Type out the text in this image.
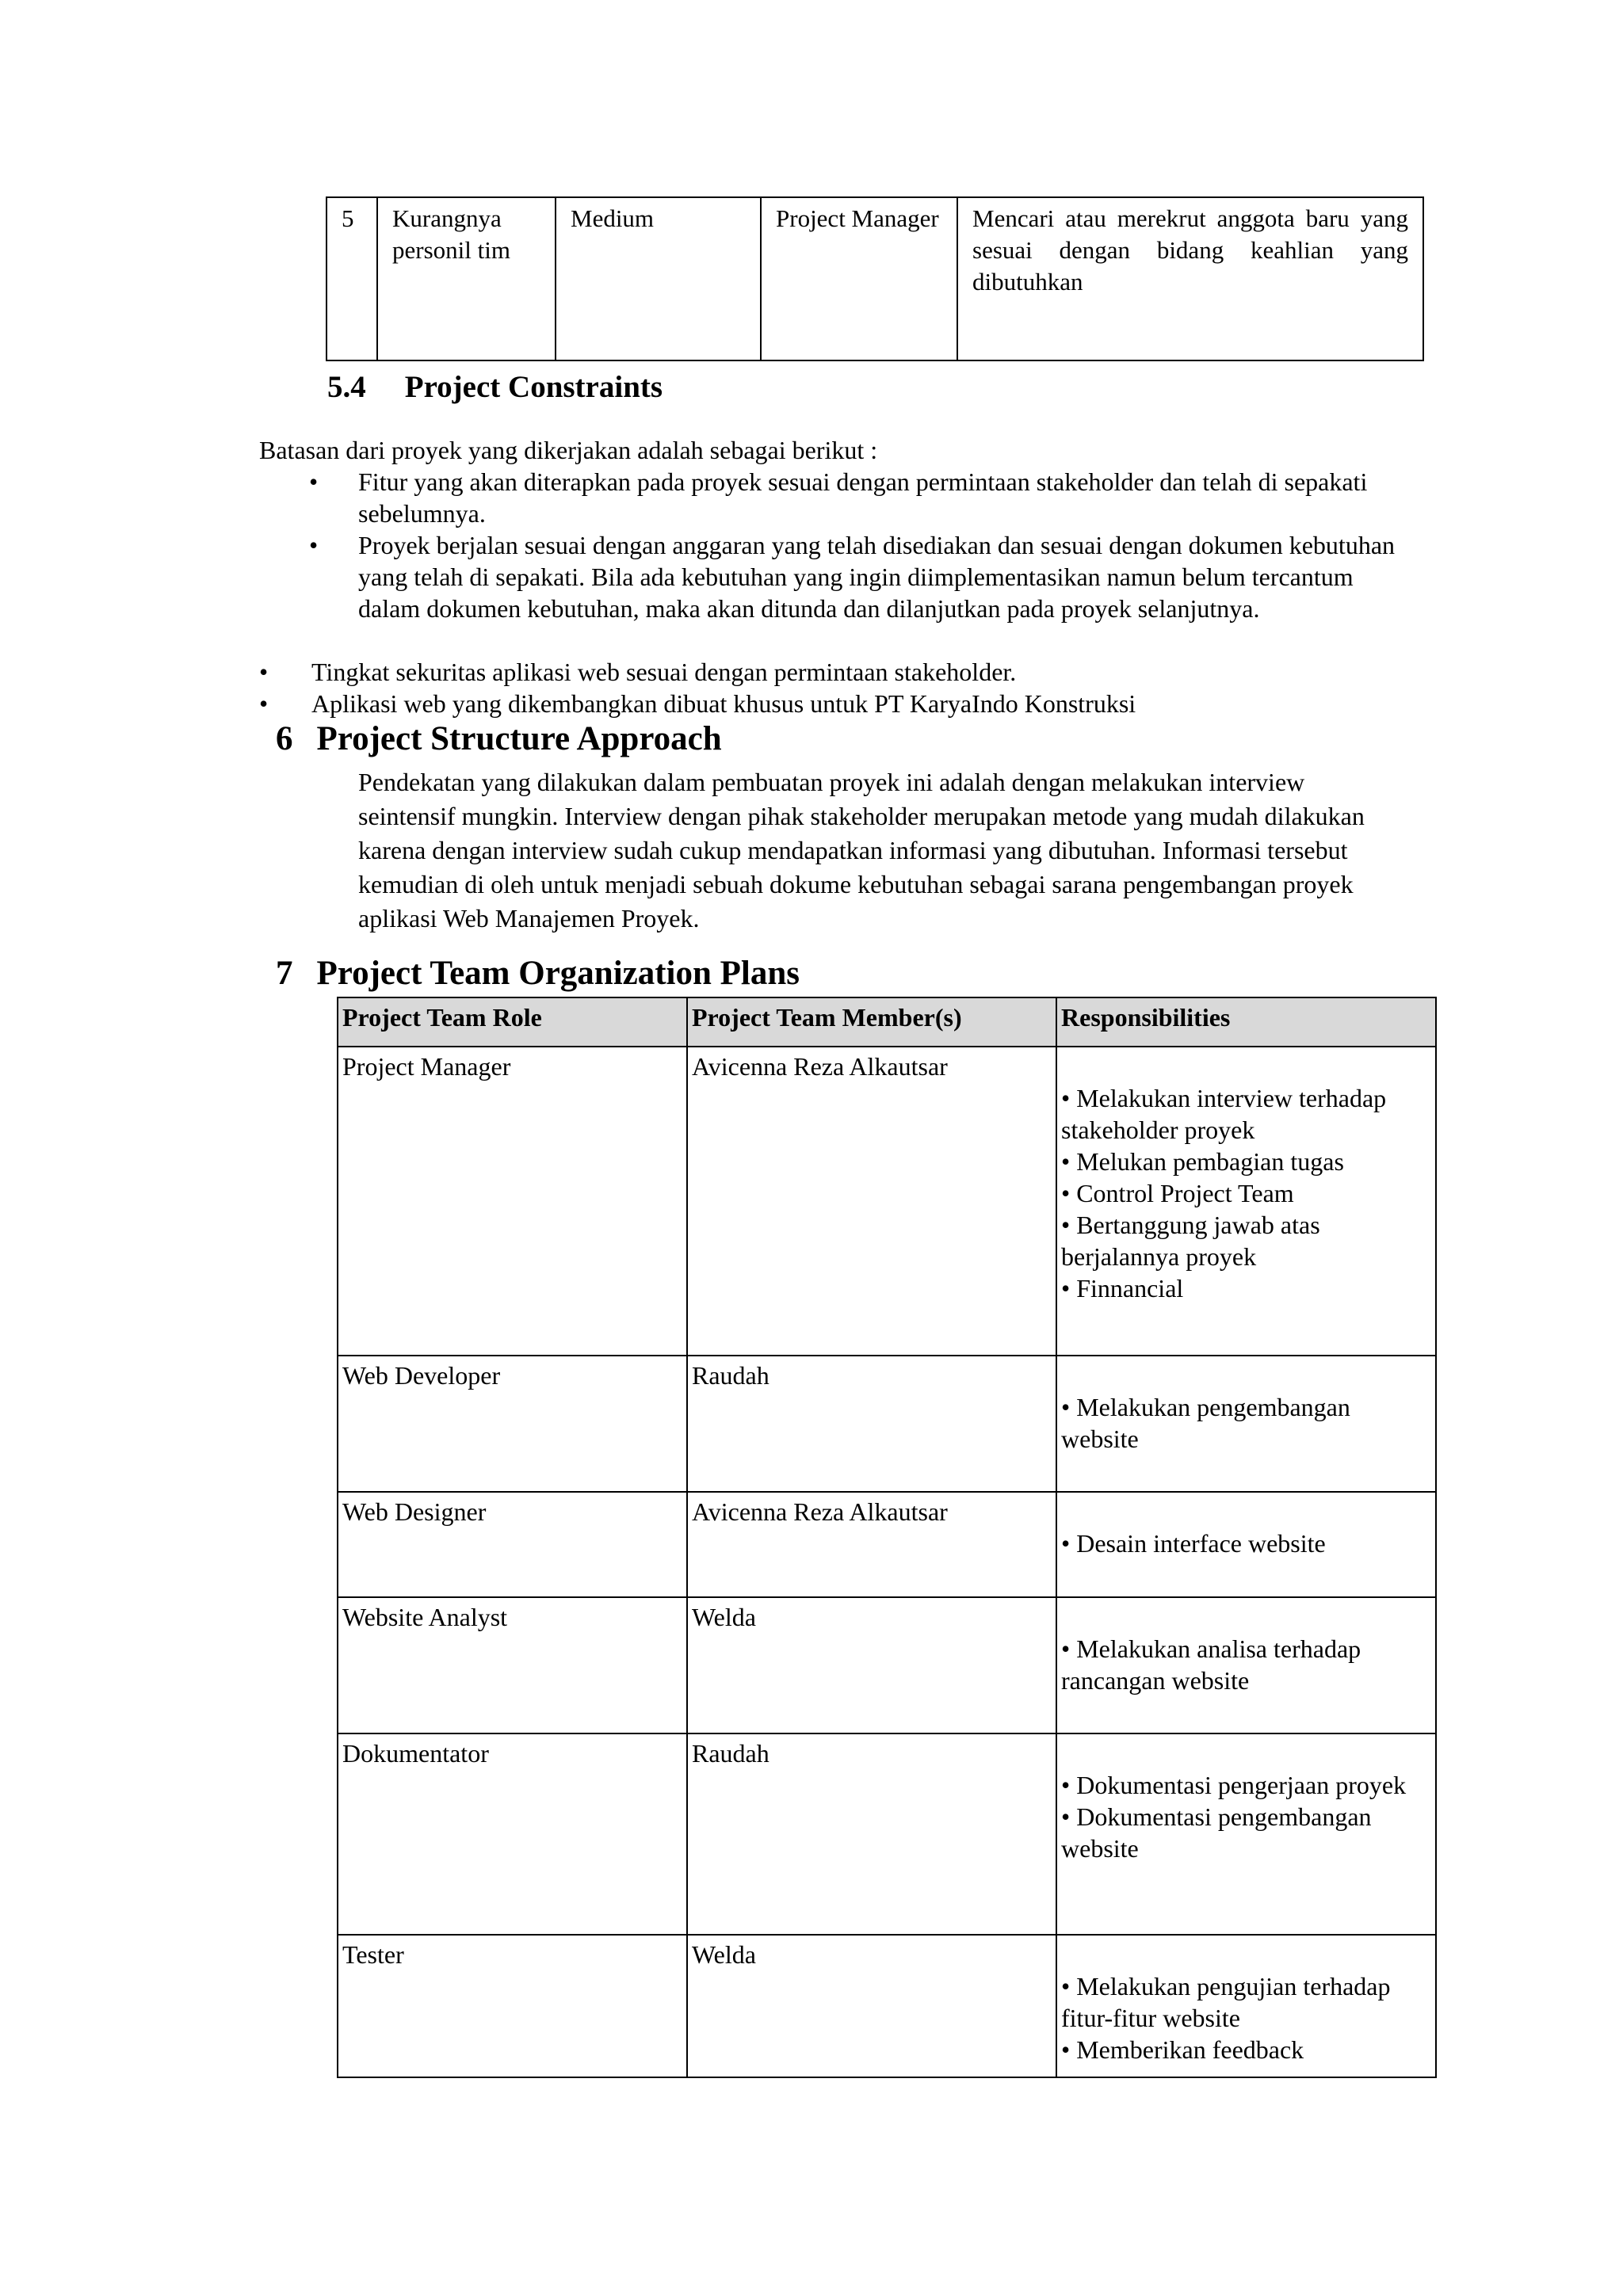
5	Kurangnya personil tim	Medium	Project Manager	Mencari atau merekrut anggota baru yang sesuai dengan bidang keahlian yang dibutuhkan
5.4 Project Constraints

Batasan dari proyek yang dikerjakan adalah sebagai berikut :

•	Fitur yang akan diterapkan pada proyek sesuai dengan permintaan stakeholder dan telah di sepakati sebelumnya.
•	Proyek berjalan sesuai dengan anggaran yang telah disediakan dan sesuai dengan dokumen kebutuhan yang telah di sepakati. Bila ada kebutuhan yang ingin diimplementasikan namun belum tercantum dalam dokumen kebutuhan, maka akan ditunda dan dilanjutkan pada proyek selanjutnya.
•	Tingkat sekuritas aplikasi web sesuai dengan permintaan stakeholder.
•	Aplikasi web yang dikembangkan dibuat khusus untuk PT KaryaIndo Konstruksi
6 Project Structure Approach

Pendekatan yang dilakukan dalam pembuatan proyek ini adalah dengan melakukan interview seintensif mungkin. Interview dengan pihak stakeholder merupakan metode yang mudah dilakukan karena dengan interview sudah cukup mendapatkan informasi yang dibutuhan. Informasi tersebut kemudian di oleh untuk menjadi sebuah dokume kebutuhan sebagai sarana pengembangan proyek aplikasi Web Manajemen Proyek.

7 Project Team Organization Plans
Project Team Role	Project Team Member(s)	Responsibilities
Project Manager	Avicenna Reza Alkautsar	• Melakukan interview terhadap stakeholder proyek
• Melukan pembagian tugas
• Control Project Team
• Bertanggung jawab atas berjalannya proyek
• Finnancial

Web Developer	Raudah	• Melakukan pengembangan website

Web Designer	Avicenna Reza Alkautsar	• Desain interface website

Website Analyst	Welda	• Melakukan analisa terhadap rancangan website

Dokumentator	Raudah	• Dokumentasi pengerjaan proyek
• Dokumentasi pengembangan website

Tester	Welda	• Melakukan pengujian terhadap fitur-fitur website
• Memberikan feedback
